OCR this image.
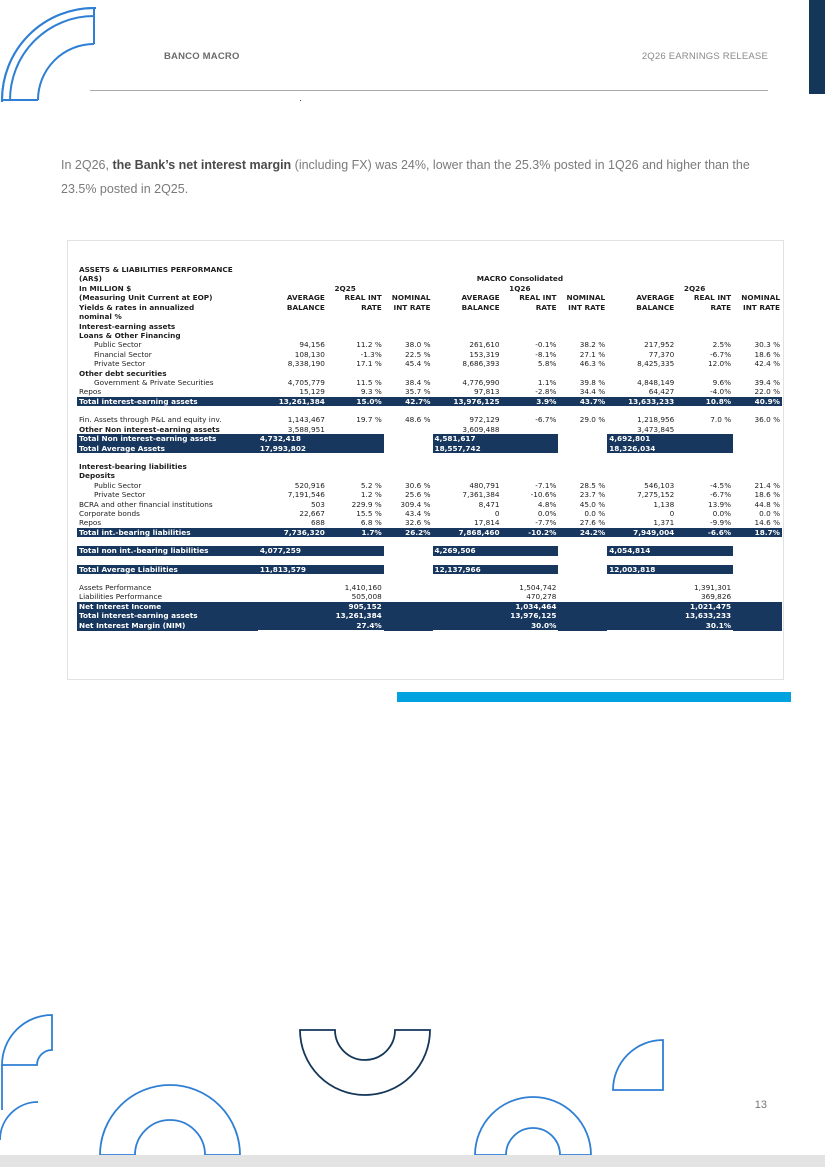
BANCO MACRO	2Q26 EARNINGS RELEASE

In 2Q26, the Bank’s net interest margin (including FX) was 24%, lower than the 25.3% posted in 1Q26 and higher than the 23.5% posted in 2Q25.

ASSETS & LIABILITIES PERFORMANCE									
(AR$)	MACRO Consolidated								
In MILLION $	2Q25			1Q26			2Q26		
(Measuring Unit Current at EOP)	AVERAGE	REAL INT	NOMINAL	AVERAGE	REAL INT	NOMINAL	AVERAGE	REAL INT	NOMINAL
Yields & rates in annualized	BALANCE	RATE	INT RATE	BALANCE	RATE	INT RATE	BALANCE	RATE	INT RATE
nominal %									
Interest-earning assets									
Loans & Other Financing									
Public Sector	94,156	11.2 %	38.0 %	261,610	-0.1%	38.2 %	217,952	2.5%	30.3 %
Financial Sector	108,130	-1.3%	22.5 %	153,319	-8.1%	27.1 %	77,370	-6.7%	18.6 %
Private Sector	8,338,190	17.1 %	45.4 %	8,686,393	5.8%	46.3 %	8,425,335	12.0%	42.4 %
Other debt securities									
Government & Private Securities	4,705,779	11.5 %	38.4 %	4,776,990	1.1%	39.8 %	4,848,149	9.6%	39.4 %
Repos	15,129	9.3 %	35.7 %	97,813	-2.8%	34.4 %	64,427	-4.0%	22.0 %
Total interest-earning assets	13,261,384	15.0%	42.7%	13,976,125	3.9%	43.7%	13,633,233	10.8%	40.9%

Fin. Assets through P&L and equity inv.	1,143,467	19.7 %	48.6 %	972,129	-6.7%	29.0 %	1,218,956	7.0 %	36.0 %
Other Non interest-earning assets	3,588,951			3,609,488			3,473,845		
Total Non interest-earning assets	4,732,418			4,581,617			4,692,801		
Total Average Assets	17,993,802			18,557,742			18,326,034		

Interest-bearing liabilities									
Deposits									
Public Sector	520,916	5.2 %	30.6 %	480,791	-7.1%	28.5 %	546,103	-4.5%	21.4 %
Private Sector	7,191,546	1.2 %	25.6 %	7,361,384	-10.6%	23.7 %	7,275,152	-6.7%	18.6 %
BCRA and other financial institutions	503	229.9 %	309.4 %	8,471	4.8%	45.0 %	1,138	13.9%	44.8 %
Corporate bonds	22,667	15.5 %	43.4 %	0	0.0%	0.0 %	0	0.0%	0.0 %
Repos	688	6.8 %	32.6 %	17,814	-7.7%	27.6 %	1,371	-9.9%	14.6 %
Total int.-bearing liabilities	7,736,320	1.7%	26.2%	7,868,460	-10.2%	24.2%	7,949,004	-6.6%	18.7%

Total non int.-bearing liabilities	4,077,259			4,269,506			4,054,814		

Total Average Liabilities	11,813,579			12,137,966			12,003,818		

Assets Performance	1,410,160			1,504,742			1,391,301		
Liabilities Performance	505,008			470,278			369,826		
Net Interest Income	905,152			1,034,464			1,021,475		
Total interest-earning assets	13,261,384			13,976,125			13,633,233		
Net Interest Margin (NIM)	27.4%			30.0%			30.1%		
13
